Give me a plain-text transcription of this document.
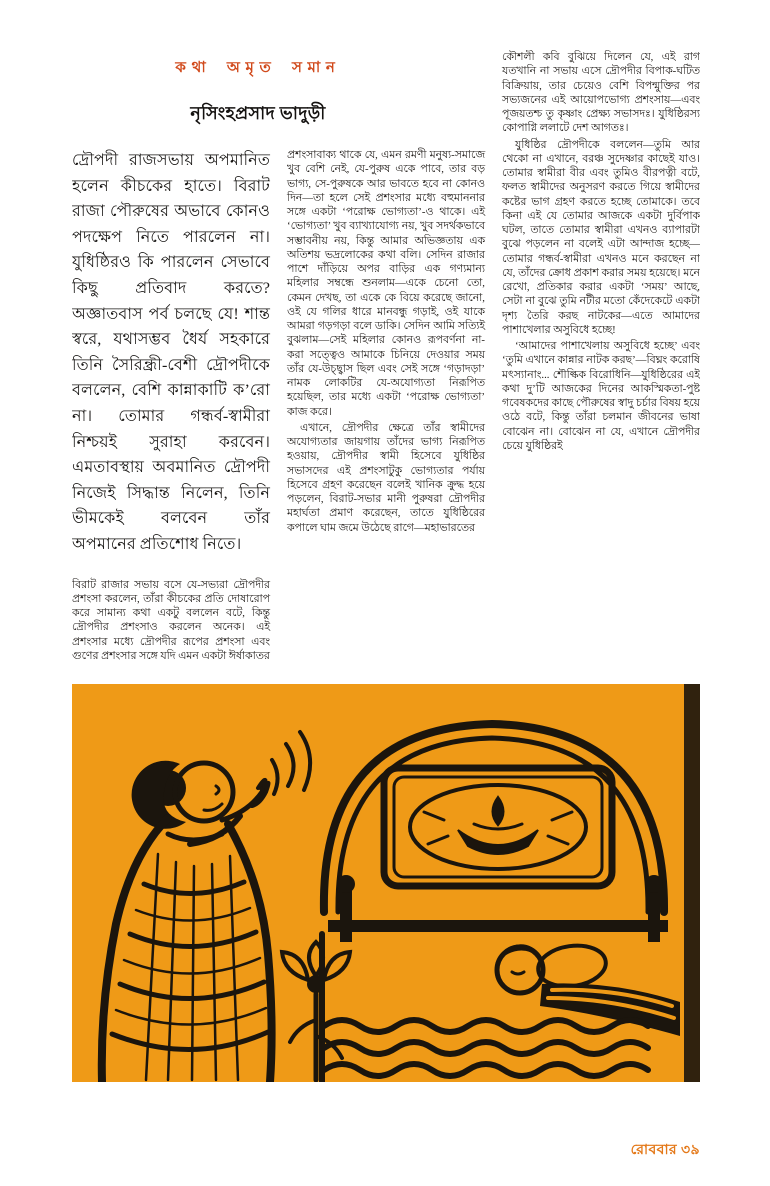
কথা অমৃত সমান
নৃসিংহপ্রসাদ ভাদুড়ী

দ্রৌপদী রাজসভায় অপমানিত হলেন কীচকের হাতে। বিরাট রাজা পৌরুষের অভাবে কোনও পদক্ষেপ নিতে পারলেন না। যুধিষ্ঠিরও কি পারলেন সেভাবে কিছু প্রতিবাদ করতে? অজ্ঞাতবাস পর্ব চলছে যে! শান্ত স্বরে, যথাসম্ভব ধৈর্য সহকারে তিনি সৈরিন্ধ্রী-বেশী দ্রৌপদীকে বললেন, বেশি কান্নাকাটি ক’রো না। তোমার গন্ধর্ব-স্বামীরা নিশ্চয়ই সুরাহা করবেন। এমতাবস্থায় অবমানিত দ্রৌপদী নিজেই সিদ্ধান্ত নিলেন, তিনি ভীমকেই বলবেন তাঁর অপমানের প্রতিশোধ নিতে।

বিরাট রাজার সভায় বসে যে-সভ্যরা দ্রৌপদীর প্রশংসা করলেন, তাঁরা কীচকের প্রতি দোষারোপ করে সামান্য কথা একটু বললেন বটে, কিন্তু দ্রৌপদীর প্রশংসাও করলেন অনেক। এই প্রশংসার মধ্যে দ্রৌপদীর রূপের প্রশংসা এবং গুণের প্রশংসার সঙ্গে যদি এমন একটা ঈর্ষাকাতর

প্রশংসাবাক্য থাকে যে, এমন রমণী মনুষ্য-সমাজে খুব বেশি নেই, যে-পুরুষ একে পাবে, তার বড় ভাগ্য, সে-পুরুষকে আর ভাবতে হবে না কোনও দিন—তা হলে সেই প্রশংসার মধ্যে বহুমাননার সঙ্গে একটা ‘পরোক্ষ ভোগ্যতা’-ও থাকে। এই ‘ভোগ্যতা’ খুব ব্যাখ্যাযোগ্য নয়, খুব সদর্থকভাবে সম্ভাবনীয় নয়, কিন্তু আমার অভিজ্ঞতায় এক অতিশয় ভদ্রলোকের কথা বলি। সেদিন রাজার পাশে দাঁড়িয়ে অপর বাড়ির এক গণ্যমান্য মহিলার সম্বন্ধে শুনলাম—একে চেনো তো, কেমন দেখছ, তা একে কে বিয়ে করেছে জানো, ওই যে গলির ধারে মানবন্ধু গড়াই, ওই যাকে আমরা গড়গড়া বলে ডাকি। সেদিন আমি সত্যিই বুঝলাম—সেই মহিলার কোনও রূপবর্ণনা না-করা সত্ত্বেও আমাকে চিনিয়ে দেওয়ার সময় তাঁর যে-উচ্ছ্বাস ছিল এবং সেই সঙ্গে ‘গড়াদড়া’ নামক লোকটির যে-অযোগ্যতা নিরূপিত হয়েছিল, তার মধ্যে একটা ‘পরোক্ষ ভোগ্যতা’ কাজ করে।

এখানে, দ্রৌপদীর ক্ষেত্রে তাঁর স্বামীদের অযোগ্যতার জায়গায় তাঁদের ভাগ্য নিরূপিত হওয়ায়, দ্রৌপদীর স্বামী হিসেবে যুধিষ্ঠির সভাসদের এই প্রশংসাটুকু ভোগ্যতার পর্যায় হিসেবে গ্রহণ করেছেন বলেই খানিক ক্রুদ্ধ হয়ে পড়লেন, বিরাট-সভার মানী পুরুষরা দ্রৌপদীর মহার্ঘতা প্রমাণ করেছেন, তাতে যুধিষ্ঠিরের কপালে ঘাম জমে উঠেছে রাগে—মহাভারতের

কৌশলী কবি বুঝিয়ে দিলেন যে, এই রাগ যতখানি না সভায় এসে দ্রৌপদীর বিপাক-ঘটিত বিক্রিয়ায়, তার চেয়েও বেশি বিপন্মুক্তির পর সভ্যজনের এই আয়োপভোগ্য প্রশংসায়—এবং পূজয়তশ্চ তু কৃষ্ণাং প্রেক্ষ্য সভাসদঃ। যুধিষ্ঠিরস্য কোপাগ্নি ললাটে দেশ আগতঃ।

যুধিষ্ঠির দ্রৌপদীকে বললেন—তুমি আর থেকো না এখানে, বরঞ্চ সুদেষ্ণার কাছেই যাও। তোমার স্বামীরা বীর এবং তুমিও বীরপত্নী বটে, ফলত স্বামীদের অনুসরণ করতে গিয়ে স্বামীদের কষ্টের ভাগ গ্রহণ করতে হচ্ছে তোমাকে। তবে কিনা এই যে তোমার আজকে একটা দুর্বিপাক ঘটল, তাতে তোমার স্বামীরা এখনও ব্যাপারটা বুঝে পড়লেন না বলেই এটা আন্দাজ হচ্ছে—তোমার গন্ধর্ব-স্বামীরা এখনও মনে করছেন না যে, তাঁদের ক্রোধ প্রকাশ করার সময় হয়েছে। মনে রেখো, প্রতিকার করার একটা ‘সময়’ আছে, সেটা না বুঝে তুমি নটীর মতো কেঁদেকেটে একটা দৃশ্য তৈরি করছ নাটকের—এতে আমাদের পাশাখেলার অসুবিধে হচ্ছে!

‘আমাদের পাশাখেলায় অসুবিধে হচ্ছে’ এবং ‘তুমি এখানে কান্নার নাটক করছ’—বিঘ্নং করোষি মৎস্যানাং... শৌল্কিক বিরোধিনি—যুধিষ্ঠিরের এই কথা দু’টি আজকের দিনের আকস্মিকতা-পুষ্ট গবেষকদের কাছে পৌরুষের স্বাদু চর্চার বিষয় হয়ে ওঠে বটে, কিন্তু তাঁরা চলমান জীবনের ভাষা বোঝেন না। বোঝেন না যে, এখানে দ্রৌপদীর চেয়ে যুধিষ্ঠিরই

রোববার ৩৯
